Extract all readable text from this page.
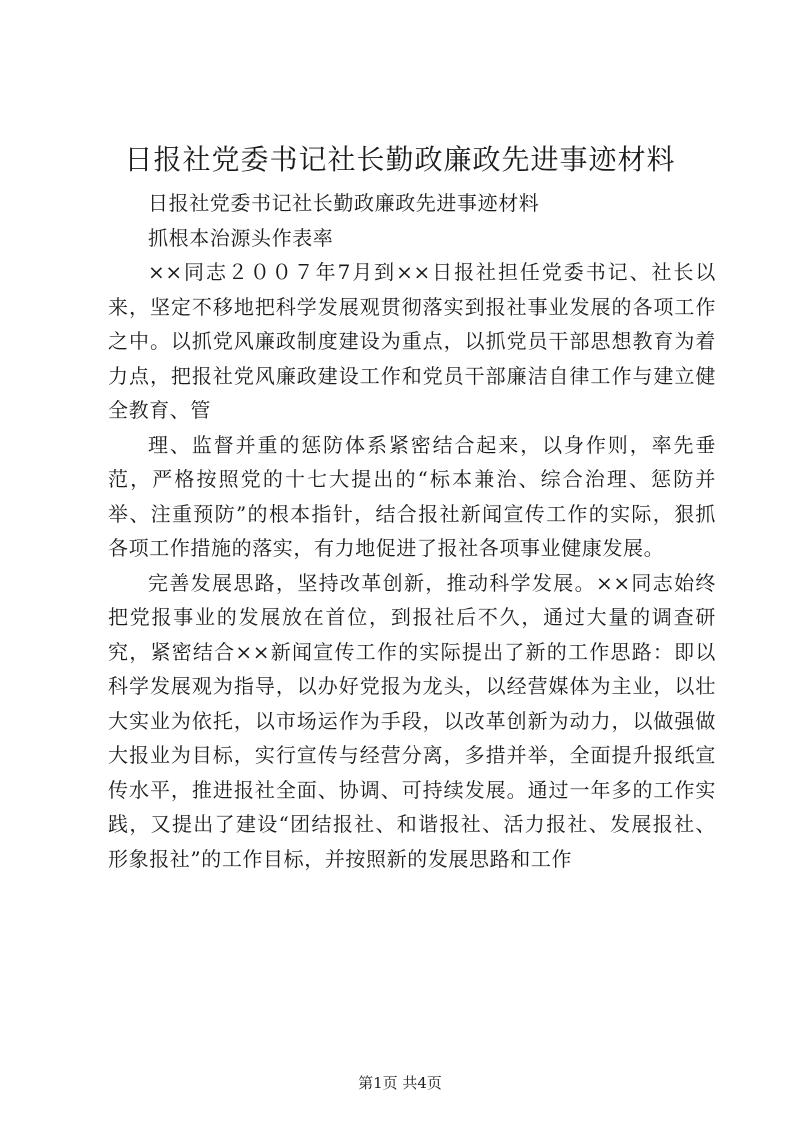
日报社党委书记社长勤政廉政先进事迹材料

日报社党委书记社长勤政廉政先进事迹材料

抓根本治源头作表率

××同志２００７年7月到××日报社担任党委书记、社长以来，坚定不移地把科学发展观贯彻落实到报社事业发展的各项工作之中。以抓党风廉政制度建设为重点，以抓党员干部思想教育为着力点，把报社党风廉政建设工作和党员干部廉洁自律工作与建立健全教育、管

理、监督并重的惩防体系紧密结合起来，以身作则，率先垂范，严格按照党的十七大提出的“标本兼治、综合治理、惩防并举、注重预防”的根本指针，结合报社新闻宣传工作的实际，狠抓各项工作措施的落实，有力地促进了报社各项事业健康发展。

完善发展思路，坚持改革创新，推动科学发展。××同志始终把党报事业的发展放在首位，到报社后不久，通过大量的调查研究，紧密结合××新闻宣传工作的实际提出了新的工作思路：即以科学发展观为指导，以办好党报为龙头，以经营媒体为主业，以壮大实业为依托，以市场运作为手段，以改革创新为动力，以做强做大报业为目标，实行宣传与经营分离，多措并举，全面提升报纸宣传水平，推进报社全面、协调、可持续发展。通过一年多的工作实践，又提出了建设“团结报社、和谐报社、活力报社、发展报社、形象报社”的工作目标，并按照新的发展思路和工作

第1页 共4页
